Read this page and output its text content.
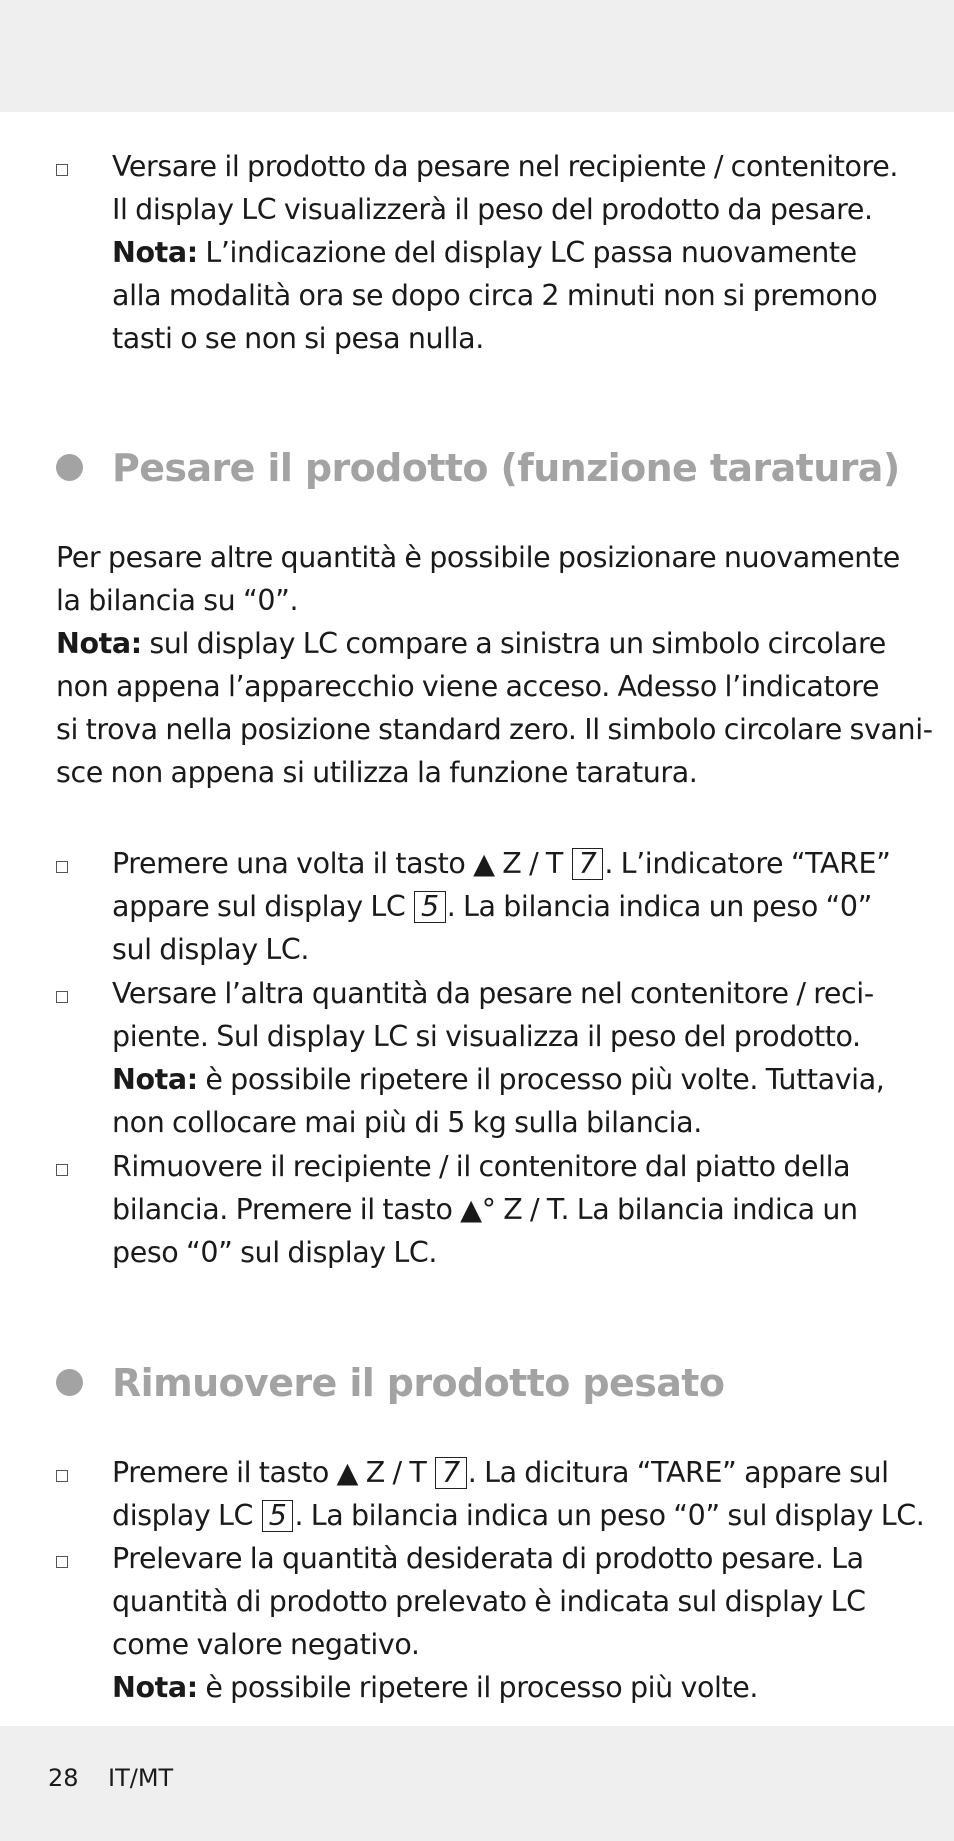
Versare il prodotto da pesare nel recipiente / contenitore.
Il display LC visualizzerà il peso del prodotto da pesare.
Nota: L’indicazione del display LC passa nuovamente
alla modalità ora se dopo circa 2 minuti non si premono
tasti o se non si pesa nulla.
Pesare il prodotto (funzione taratura)
Per pesare altre quantità è possibile posizionare nuovamente
la bilancia su “0”.
Nota: sul display LC compare a sinistra un simbolo circolare
non appena l’apparecchio viene acceso. Adesso l’indicatore
si trova nella posizione standard zero. Il simbolo circolare svani-
sce non appena si utilizza la funzione taratura.
Premere una volta il tasto ▲ Z / T 7 . L’indicatore “TARE”
appare sul display LC 5 . La bilancia indica un peso “0”
sul display LC.
Versare l’altra quantità da pesare nel contenitore / reci-
piente. Sul display LC si visualizza il peso del prodotto.
Nota: è possibile ripetere il processo più volte. Tuttavia,
non collocare mai più di 5 kg sulla bilancia.
Rimuovere il recipiente / il contenitore dal piatto della
bilancia. Premere il tasto ▲° Z / T. La bilancia indica un
peso “0” sul display LC.
Rimuovere il prodotto pesato
Premere il tasto ▲ Z / T 7 . La dicitura “TARE” appare sul
display LC 5 . La bilancia indica un peso “0” sul display LC.
Prelevare la quantità desiderata di prodotto pesare. La
quantità di prodotto prelevato è indicata sul display LC
come valore negativo.
Nota: è possibile ripetere il processo più volte.
28 IT/MT
